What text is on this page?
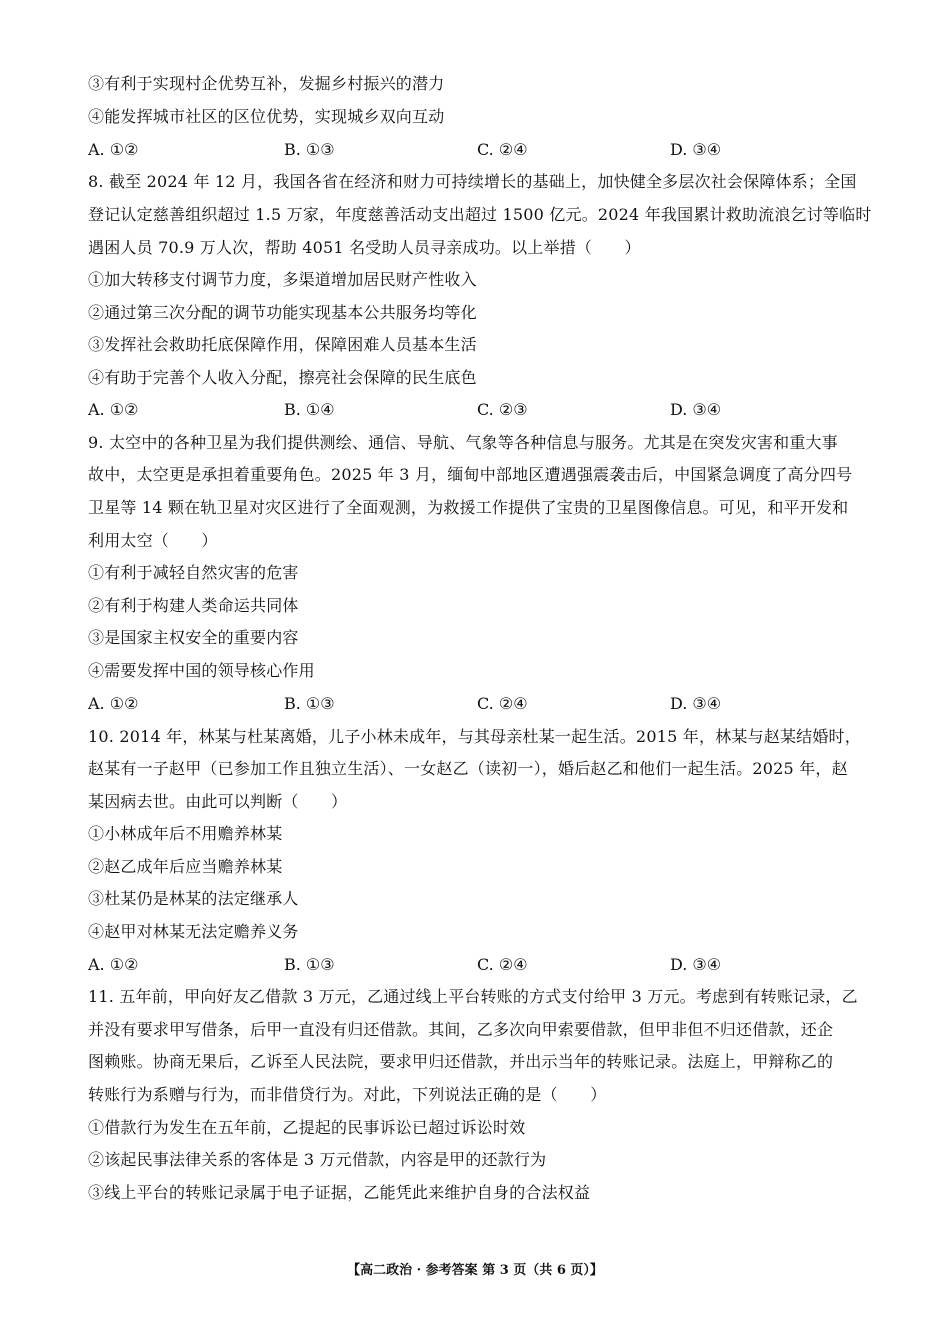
③有利于实现村企优势互补，发掘乡村振兴的潜力
④能发挥城市社区的区位优势，实现城乡双向互动
A. ①②	B. ①③	C. ②④	D. ③④
8. 截至 2024 年 12 月，我国各省在经济和财力可持续增长的基础上，加快健全多层次社会保障体系；全国
登记认定慈善组织超过 1.5 万家，年度慈善活动支出超过 1500 亿元。2024 年我国累计救助流浪乞讨等临时
遇困人员 70.9 万人次，帮助 4051 名受助人员寻亲成功。以上举措（　　）
①加大转移支付调节力度，多渠道增加居民财产性收入
②通过第三次分配的调节功能实现基本公共服务均等化
③发挥社会救助托底保障作用，保障困难人员基本生活
④有助于完善个人收入分配，擦亮社会保障的民生底色
A. ①②	B. ①④	C. ②③	D. ③④
9. 太空中的各种卫星为我们提供测绘、通信、导航、气象等各种信息与服务。尤其是在突发灾害和重大事
故中，太空更是承担着重要角色。2025 年 3 月，缅甸中部地区遭遇强震袭击后，中国紧急调度了高分四号
卫星等 14 颗在轨卫星对灾区进行了全面观测，为救援工作提供了宝贵的卫星图像信息。可见，和平开发和
利用太空（　　）
①有利于减轻自然灾害的危害
②有利于构建人类命运共同体
③是国家主权安全的重要内容
④需要发挥中国的领导核心作用
A. ①②	B. ①③	C. ②④	D. ③④
10. 2014 年，林某与杜某离婚，儿子小林未成年，与其母亲杜某一起生活。2015 年，林某与赵某结婚时，
赵某有一子赵甲（已参加工作且独立生活）、一女赵乙（读初一），婚后赵乙和他们一起生活。2025 年，赵
某因病去世。由此可以判断（　　）
①小林成年后不用赡养林某
②赵乙成年后应当赡养林某
③杜某仍是林某的法定继承人
④赵甲对林某无法定赡养义务
A. ①②	B. ①③	C. ②④	D. ③④
11. 五年前，甲向好友乙借款 3 万元，乙通过线上平台转账的方式支付给甲 3 万元。考虑到有转账记录，乙
并没有要求甲写借条，后甲一直没有归还借款。其间，乙多次向甲索要借款，但甲非但不归还借款，还企
图赖账。协商无果后，乙诉至人民法院，要求甲归还借款，并出示当年的转账记录。法庭上，甲辩称乙的
转账行为系赠与行为，而非借贷行为。对此，下列说法正确的是（　　）
①借款行为发生在五年前，乙提起的民事诉讼已超过诉讼时效
②该起民事法律关系的客体是 3 万元借款，内容是甲的还款行为
③线上平台的转账记录属于电子证据，乙能凭此来维护自身的合法权益
【高二政治 · 参考答案 第 3 页（共 6 页）】
